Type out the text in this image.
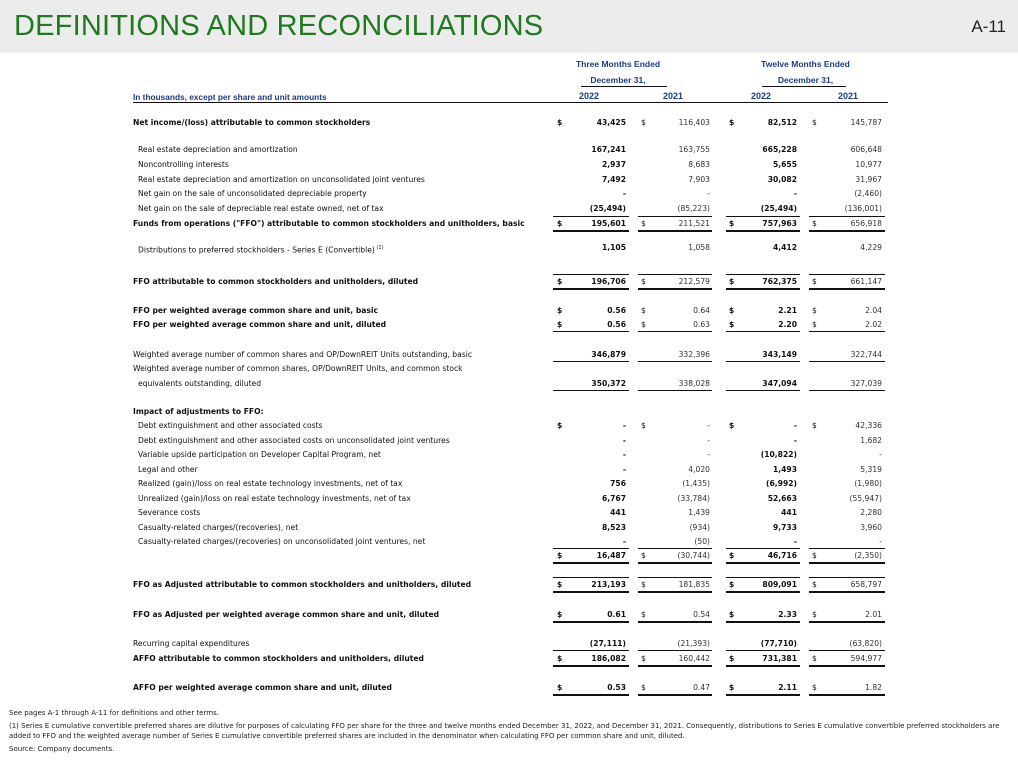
DEFINITIONS AND RECONCILIATIONS	A-11
Three Months Ended
December 31,
Twelve Months Ended
December 31,
In thousands, except per share and unit amounts	2022	2021	2022	2021
Net income/(loss) attributable to common stockholders	$	43,425 $	116,403	$	82,512 $	145,787
Real estate depreciation and amortization	167,241	163,755	665,228	606,648
Noncontrolling interests	2,937	8,683	5,655	10,977
Real estate depreciation and amortization on unconsolidated joint ventures	7,492	7,903	30,082	31,967
Net gain on the sale of unconsolidated depreciable property	-	-	-	(2,460)
Net gain on the sale of depreciable real estate owned, net of tax	(25,494)	(85,223)	(25,494)	(136,001)
Funds from operations ("FFO") attributable to common stockholders and unitholders, basic	$	195,601 $	211,521	$	757,963 $	656,918
Distributions to preferred stockholders - Series E (Convertible) $^{(1)}$	1,105	1,058	4,412	4,229
FFO attributable to common stockholders and unitholders, diluted	$	196,706 $	212,579	$	762,375 $	661,147
FFO per weighted average common share and unit, basic	$	0.56 $	0.64	$	2.21 $	2.04
FFO per weighted average common share and unit, diluted	$	0.56 $	0.63	$	2.20 $	2.02
Weighted average number of common shares and OP/DownREIT Units outstanding, basic	346,879	332,396	343,149	322,744
Weighted average number of common shares, OP/DownREIT Units, and common stock
equivalents outstanding, diluted	350,372	338,028	347,094	327,039
Impact of adjustments to FFO:
Debt extinguishment and other associated costs	$	- $	-	$	- $	42,336
Debt extinguishment and other associated costs on unconsolidated joint ventures	-	-	-	1,682
Variable upside participation on Developer Capital Program, net	-	-	(10,822)	-
Legal and other	-	4,020	1,493	5,319
Realized (gain)/loss on real estate technology investments, net of tax	756	(1,435)	(6,992)	(1,980)
Unrealized (gain)/loss on real estate technology investments, net of tax	6,767	(33,784)	52,663	(55,947)
Severance costs	441	1,439	441	2,280
Casualty-related charges/(recoveries), net	8,523	(934)	9,733	3,960
Casualty-related charges/(recoveries) on unconsolidated joint ventures, net	-	(50)	-	-
$	16,487 $	(30,744)	$	46,716 $	(2,350)
FFO as Adjusted attributable to common stockholders and unitholders, diluted	$	213,193 $	181,835	$	809,091 $	658,797
FFO as Adjusted per weighted average common share and unit, diluted	$	0.61 $	0.54	$	2.33 $	2.01
Recurring capital expenditures	(27,111)	(21,393)	(77,710)	(63,820)
AFFO attributable to common stockholders and unitholders, diluted	$	186,082 $	160,442	$	731,381 $	594,977
AFFO per weighted average common share and unit, diluted	$	0.53 $	0.47	$	2.11 $	1.82
See pages A-1 through A-11 for definitions and other terms.
(1) Series E cumulative convertible preferred shares are dilutive for purposes of calculating FFO per share for the three and twelve months ended December 31, 2022, and December 31, 2021. Consequently, distributions to Series E cumulative convertible preferred stockholders are added to FFO and the weighted average number of Series E cumulative convertible preferred shares are included in the denominator when calculating FFO per common share and unit, diluted.
Source: Company documents.
